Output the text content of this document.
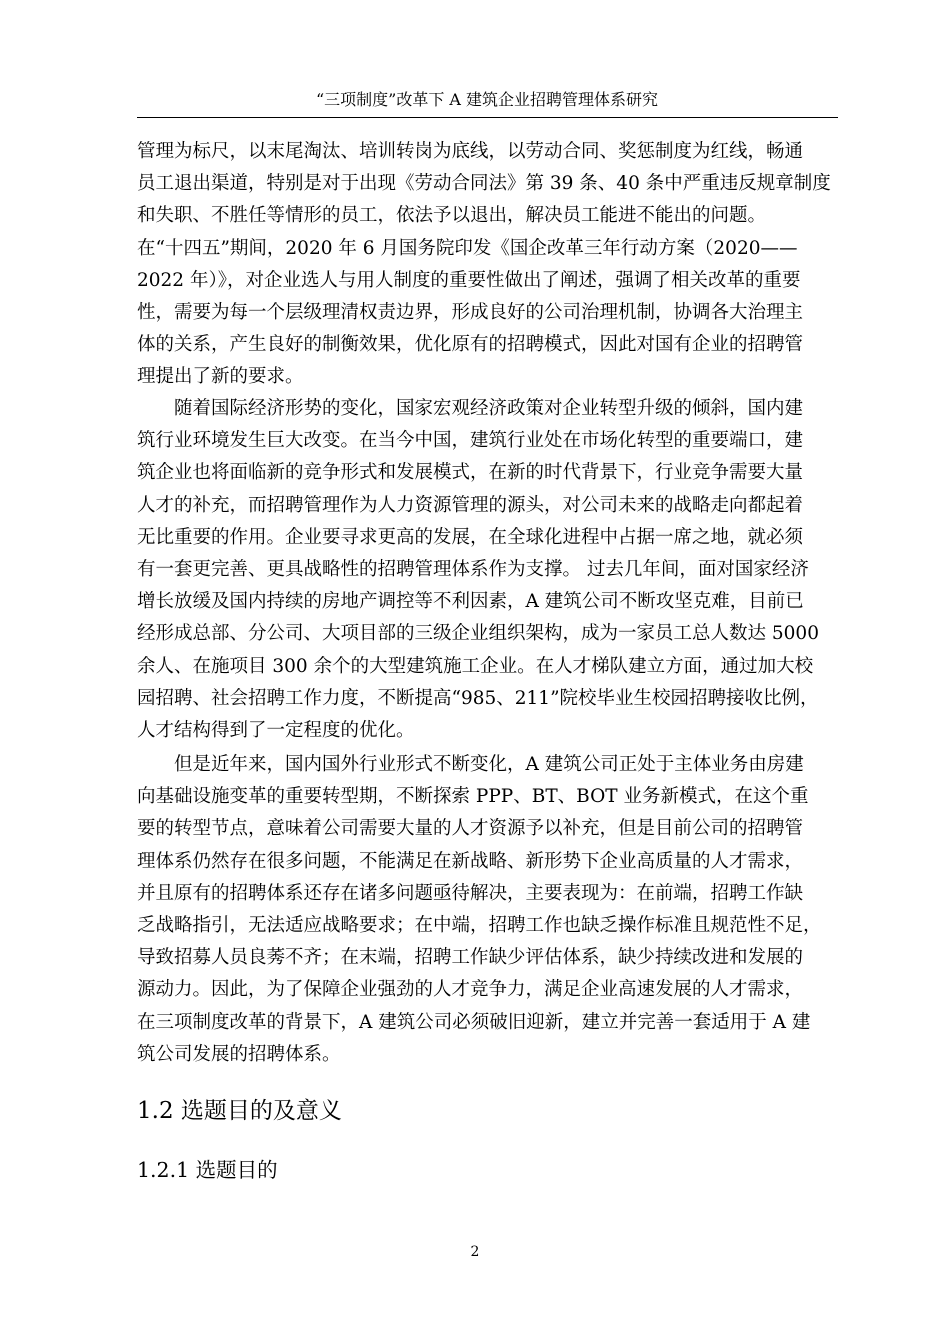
“三项制度”改革下 A 建筑企业招聘管理体系研究
管理为标尺，以末尾淘汰、培训转岗为底线，以劳动合同、奖惩制度为红线，畅通
员工退出渠道，特别是对于出现《劳动合同法》第 39 条、40 条中严重违反规章制度
和失职、不胜任等情形的员工，依法予以退出，解决员工能进不能出的问题。
在“十四五”期间，2020 年 6 月国务院印发《国企改革三年行动方案（2020——
2022 年）》，对企业选人与用人制度的重要性做出了阐述，强调了相关改革的重要
性，需要为每一个层级理清权责边界，形成良好的公司治理机制，协调各大治理主
体的关系，产生良好的制衡效果，优化原有的招聘模式，因此对国有企业的招聘管
理提出了新的要求。
　　随着国际经济形势的变化，国家宏观经济政策对企业转型升级的倾斜，国内建
筑行业环境发生巨大改变。在当今中国，建筑行业处在市场化转型的重要端口，建
筑企业也将面临新的竞争形式和发展模式，在新的时代背景下，行业竞争需要大量
人才的补充，而招聘管理作为人力资源管理的源头，对公司未来的战略走向都起着
无比重要的作用。企业要寻求更高的发展，在全球化进程中占据一席之地，就必须
有一套更完善、更具战略性的招聘管理体系作为支撑。 过去几年间，面对国家经济
增长放缓及国内持续的房地产调控等不利因素，A 建筑公司不断攻坚克难，目前已
经形成总部、分公司、大项目部的三级企业组织架构，成为一家员工总人数达 5000
余人、在施项目 300 余个的大型建筑施工企业。在人才梯队建立方面，通过加大校
园招聘、社会招聘工作力度，不断提高“985、211”院校毕业生校园招聘接收比例，
人才结构得到了一定程度的优化。
　　但是近年来，国内国外行业形式不断变化，A 建筑公司正处于主体业务由房建
向基础设施变革的重要转型期，不断探索 PPP、BT、BOT 业务新模式，在这个重
要的转型节点，意味着公司需要大量的人才资源予以补充，但是目前公司的招聘管
理体系仍然存在很多问题，不能满足在新战略、新形势下企业高质量的人才需求，
并且原有的招聘体系还存在诸多问题亟待解决，主要表现为：在前端，招聘工作缺
乏战略指引，无法适应战略要求；在中端，招聘工作也缺乏操作标准且规范性不足，
导致招募人员良莠不齐；在末端，招聘工作缺少评估体系，缺少持续改进和发展的
源动力。因此，为了保障企业强劲的人才竞争力，满足企业高速发展的人才需求，
在三项制度改革的背景下，A 建筑公司必须破旧迎新，建立并完善一套适用于 A 建
筑公司发展的招聘体系。
1.2 选题目的及意义
1.2.1 选题目的
2
